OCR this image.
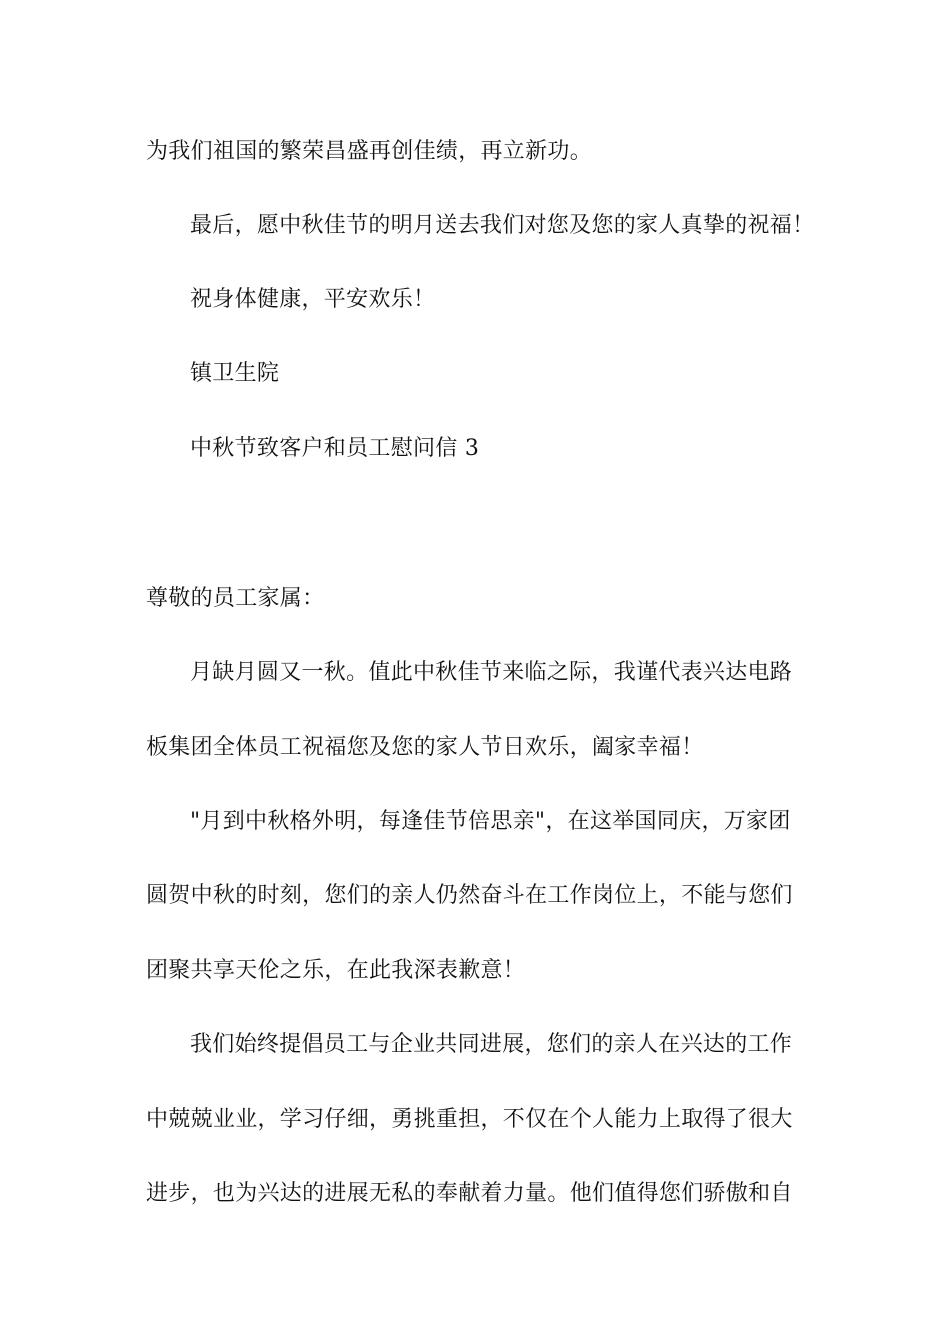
为我们祖国的繁荣昌盛再创佳绩，再立新功。
最后，愿中秋佳节的明月送去我们对您及您的家人真挚的祝福！
祝身体健康，平安欢乐！
镇卫生院
中秋节致客户和员工慰问信 3
尊敬的员工家属：
月缺月圆又一秋。值此中秋佳节来临之际，我谨代表兴达电路
板集团全体员工祝福您及您的家人节日欢乐，阖家幸福！
"月到中秋格外明，每逢佳节倍思亲"，在这举国同庆，万家团
圆贺中秋的时刻，您们的亲人仍然奋斗在工作岗位上，不能与您们
团聚共享天伦之乐，在此我深表歉意！
我们始终提倡员工与企业共同进展，您们的亲人在兴达的工作
中兢兢业业，学习仔细，勇挑重担，不仅在个人能力上取得了很大
进步，也为兴达的进展无私的奉献着力量。他们值得您们骄傲和自
